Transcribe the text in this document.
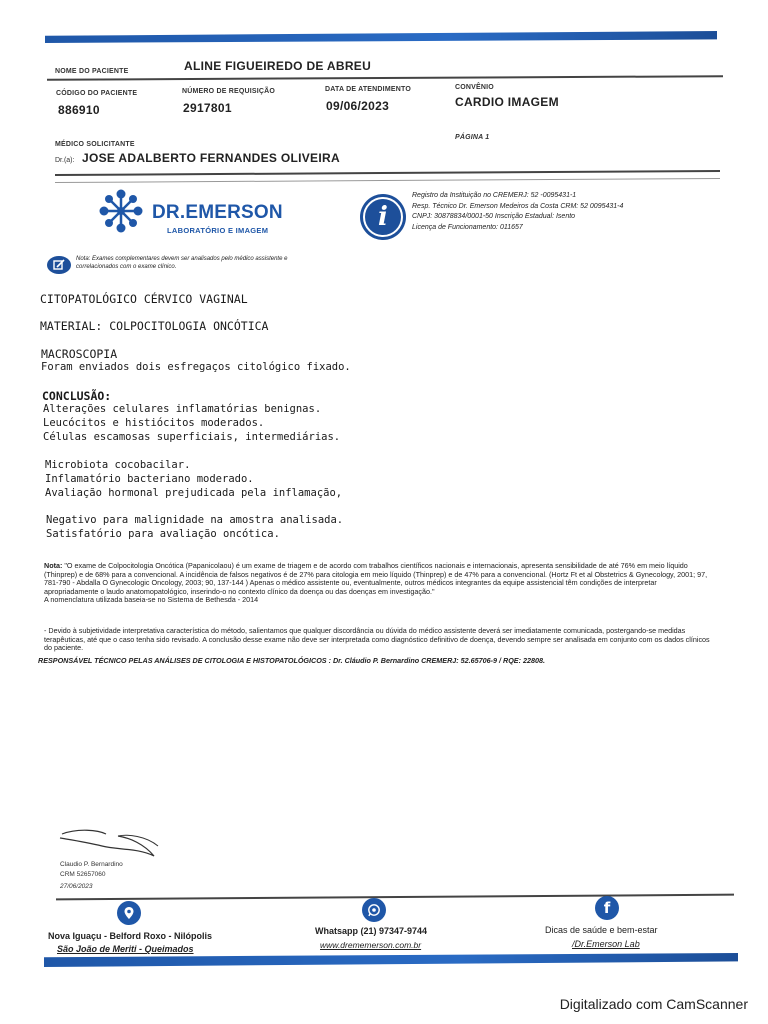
NOME DO PACIENTE	ALINE FIGUEIREDO DE ABREU
CÓDIGO DO PACIENTE
886910
NÚMERO DE REQUISIÇÃO
2917801
DATA DE ATENDIMENTO
09/06/2023
CONVÊNIO
CARDIO IMAGEM
PÁGINA 1
MÉDICO SOLICITANTE
Dr.(a): JOSE ADALBERTO FERNANDES OLIVEIRA
DR.EMERSON
LABORATÓRIO E IMAGEM	i
Registro da Instituição no CREMERJ: 52 -0095431-1
Resp. Técnico Dr. Emerson Medeiros da Costa CRM: 52 0095431-4
CNPJ: 30878834/0001-50 Inscrição Estadual: Isento
Licença de Funcionamento: 011657
Nota: Exames complementares devem ser analisados pelo médico assistente e correlacionados com o exame clínico.
CITOPATOLÓGICO CÉRVICO VAGINAL
MATERIAL: COLPOCITOLOGIA ONCÓTICA
MACROSCOPIA
Foram enviados dois esfregaços citológico fixado.
CONCLUSÃO:
Alterações celulares inflamatórias benignas.
Leucócitos e histiócitos moderados.
Células escamosas superficiais, intermediárias.
Microbiota cocobacilar.
Inflamatório bacteriano moderado.
Avaliação hormonal prejudicada pela inflamação,
Negativo para malignidade na amostra analisada.
Satisfatório para avaliação oncótica.
Nota: "O exame de Colpocitologia Oncótica (Papanicolaou) é um exame de triagem e de acordo com trabalhos científicos nacionais e internacionais, apresenta sensibilidade de até 76% em meio líquido (Thinprep) e de 68% para a convencional. A incidência de falsos negativos é de 27% para citologia em meio líquido (Thinprep) e de 47% para a convencional. (Hortz Ft et al Obstetrics & Gynecology, 2001; 97, 781-790 - Abdalla O Gynecologic Oncology, 2003; 90, 137-144 ) Apenas o médico assistente ou, eventualmente, outros médicos integrantes da equipe assistencial têm condições de interpretar apropriadamente o laudo anatomopatológico, inserindo-o no contexto clínico da doença ou das doenças em investigação."
A nomenclatura utilizada baseia-se no Sistema de Bethesda - 2014
- Devido à subjetividade interpretativa característica do método, salientamos que qualquer discordância ou dúvida do médico assistente deverá ser imediatamente comunicada, postergando-se medidas terapêuticas, até que o caso tenha sido revisado. A conclusão desse exame não deve ser interpretada como diagnóstico definitivo de doença, devendo sempre ser analisada em conjunto com os dados clínicos do paciente.
RESPONSÁVEL TÉCNICO PELAS ANÁLISES DE CITOLOGIA E HISTOPATOLÓGICOS : Dr. Cláudio P. Bernardino CREMERJ: 52.65706-9 / RQE: 22808.
Claudio P. Bernardino
CRM 52657060
27/06/2023
Nova Iguaçu - Belford Roxo - Nilópolis
São João de Meriti - Queimados
Whatsapp (21) 97347-9744
www.drememerson.com.br
f
Dicas de saúde e bem-estar
/Dr.Emerson Lab
Digitalizado com CamScanner
